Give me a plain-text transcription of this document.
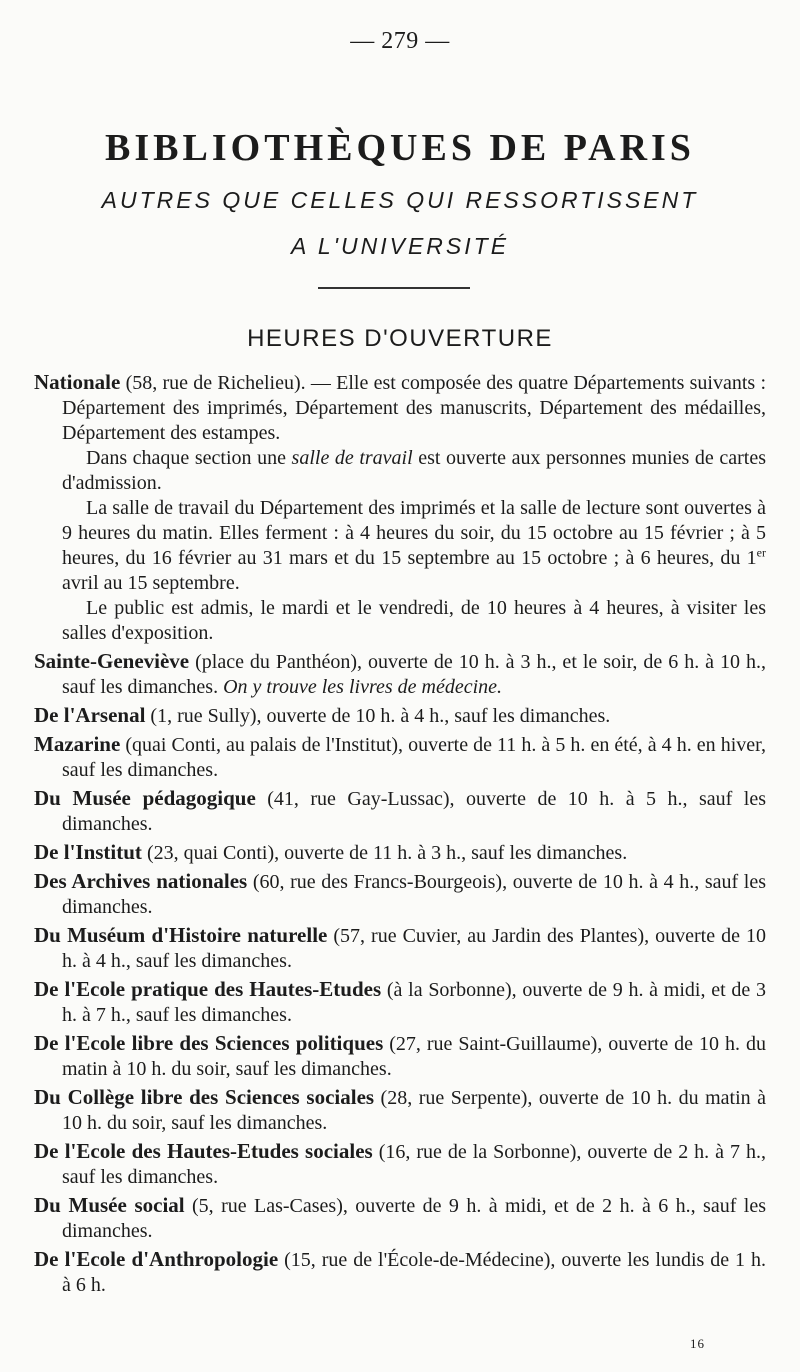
— 279 —
BIBLIOTHÈQUES DE PARIS
AUTRES QUE CELLES QUI RESSORTISSENT
A L'UNIVERSITÉ
HEURES D'OUVERTURE

Nationale (58, rue de Richelieu). — Elle est composée des quatre Départements suivants : Département des imprimés, Département des manuscrits, Département des médailles, Département des estampes.

Dans chaque section une salle de travail est ouverte aux personnes munies de cartes d'admission.

La salle de travail du Département des imprimés et la salle de lecture sont ouvertes à 9 heures du matin. Elles ferment : à 4 heures du soir, du 15 octobre au 15 février ; à 5 heures, du 16 février au 31 mars et du 15 septembre au 15 octobre ; à 6 heures, du 1er avril au 15 septembre.

Le public est admis, le mardi et le vendredi, de 10 heures à 4 heures, à visiter les salles d'exposition.

Sainte-Geneviève (place du Panthéon), ouverte de 10 h. à 3 h., et le soir, de 6 h. à 10 h., sauf les dimanches. On y trouve les livres de médecine.

De l'Arsenal (1, rue Sully), ouverte de 10 h. à 4 h., sauf les dimanches.

Mazarine (quai Conti, au palais de l'Institut), ouverte de 11 h. à 5 h. en été, à 4 h. en hiver, sauf les dimanches.

Du Musée pédagogique (41, rue Gay-Lussac), ouverte de 10 h. à 5 h., sauf les dimanches.

De l'Institut (23, quai Conti), ouverte de 11 h. à 3 h., sauf les dimanches.

Des Archives nationales (60, rue des Francs-Bourgeois), ouverte de 10 h. à 4 h., sauf les dimanches.

Du Muséum d'Histoire naturelle (57, rue Cuvier, au Jardin des Plantes), ouverte de 10 h. à 4 h., sauf les dimanches.

De l'Ecole pratique des Hautes-Etudes (à la Sorbonne), ouverte de 9 h. à midi, et de 3 h. à 7 h., sauf les dimanches.

De l'Ecole libre des Sciences politiques (27, rue Saint-Guillaume), ouverte de 10 h. du matin à 10 h. du soir, sauf les dimanches.

Du Collège libre des Sciences sociales (28, rue Serpente), ouverte de 10 h. du matin à 10 h. du soir, sauf les dimanches.

De l'Ecole des Hautes-Etudes sociales (16, rue de la Sorbonne), ouverte de 2 h. à 7 h., sauf les dimanches.

Du Musée social (5, rue Las-Cases), ouverte de 9 h. à midi, et de 2 h. à 6 h., sauf les dimanches.

De l'Ecole d'Anthropologie (15, rue de l'École-de-Médecine), ouverte les lundis de 1 h. à 6 h.

16
